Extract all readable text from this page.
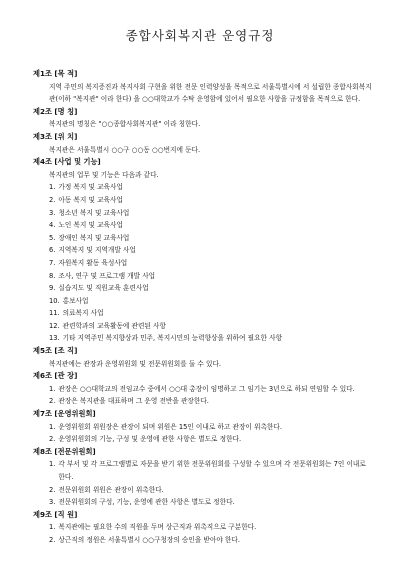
종합사회복지관 운영규정
제1조 [목 적]
지역 주민의 복지증진과 복지사회 구현을 위한 전문 인력양성을 목적으로 서울특별시에 서 설립한 종합사회복지관(이하 "복지관" 이라 한다) 을 ○○대학교가 수탁 운영함에 있어서 필요한 사항을 규정함을 목적으로 한다.
제2조 [명 칭]
복지관의 명칭은 "○○종합사회복지관" 이라 칭한다.
제3조 [위 치]
복지관은 서울특별시 ○○구 ○○동 ○○번지에 둔다.
제4조 [사업 및 기능]
복지관의 업무 및 기능은 다음과 같다.
1. 가정 복지 및 교육사업
2. 아동 복지 및 교육사업
3. 청소년 복지 및 교육사업
4. 노인 복지 및 교육사업
5. 장애인 복지 및 교육사업
6. 지역복지 및 지역개발 사업
7. 자원복지 활동 육성사업
8. 조사, 연구 및 프로그램 개발 사업
9. 실습지도 및 직원교육 훈련사업
10. 홍보사업
11. 의료복지 사업
12. 관련학과의 교육활동에 관련된 사항
13. 기타 지역주민 복지향상과 민주, 복지시민의 능력향상을 위하여 필요한 사항
제5조 [조 직]
복지관에는 관장과 운영위원회 및 전문위원회를 둘 수 있다.
제6조 [관 장]
1. 관장은 ○○대학교의 전임교수 중에서 ○○대 총장이 임명하고 그 임기는 3년으로 하되 연임할 수 있다.
2. 관장은 복지관을 대표하며 그 운영 전반을 관장한다.
제7조 [운영위원회]
1. 운영위원회 위원장은 관장이 되며 위원은 15인 이내로 하고 관장이 위촉한다.
2. 운영위원회의 기능, 구성 및 운영에 관한 사항은 별도로 정한다.
제8조 [전문위원회]
1. 각 부서 및 각 프로그램별로 자문을 받기 위한 전문위원회를 구성할 수 있으며 각 전문위원회는 7인 이내로 한다.
2. 전문위원회 위원은 관장이 위촉한다.
3. 전문위원회의 구성, 기능, 운영에 관한 사항은 별도로 정한다.
제9조 [직 원]
1. 복지관에는 필요한 수의 직원을 두며 상근직과 위촉직으로 구분한다.
2. 상근직의 정원은 서울특별시 ○○구청장의 승인을 받아야 한다.
